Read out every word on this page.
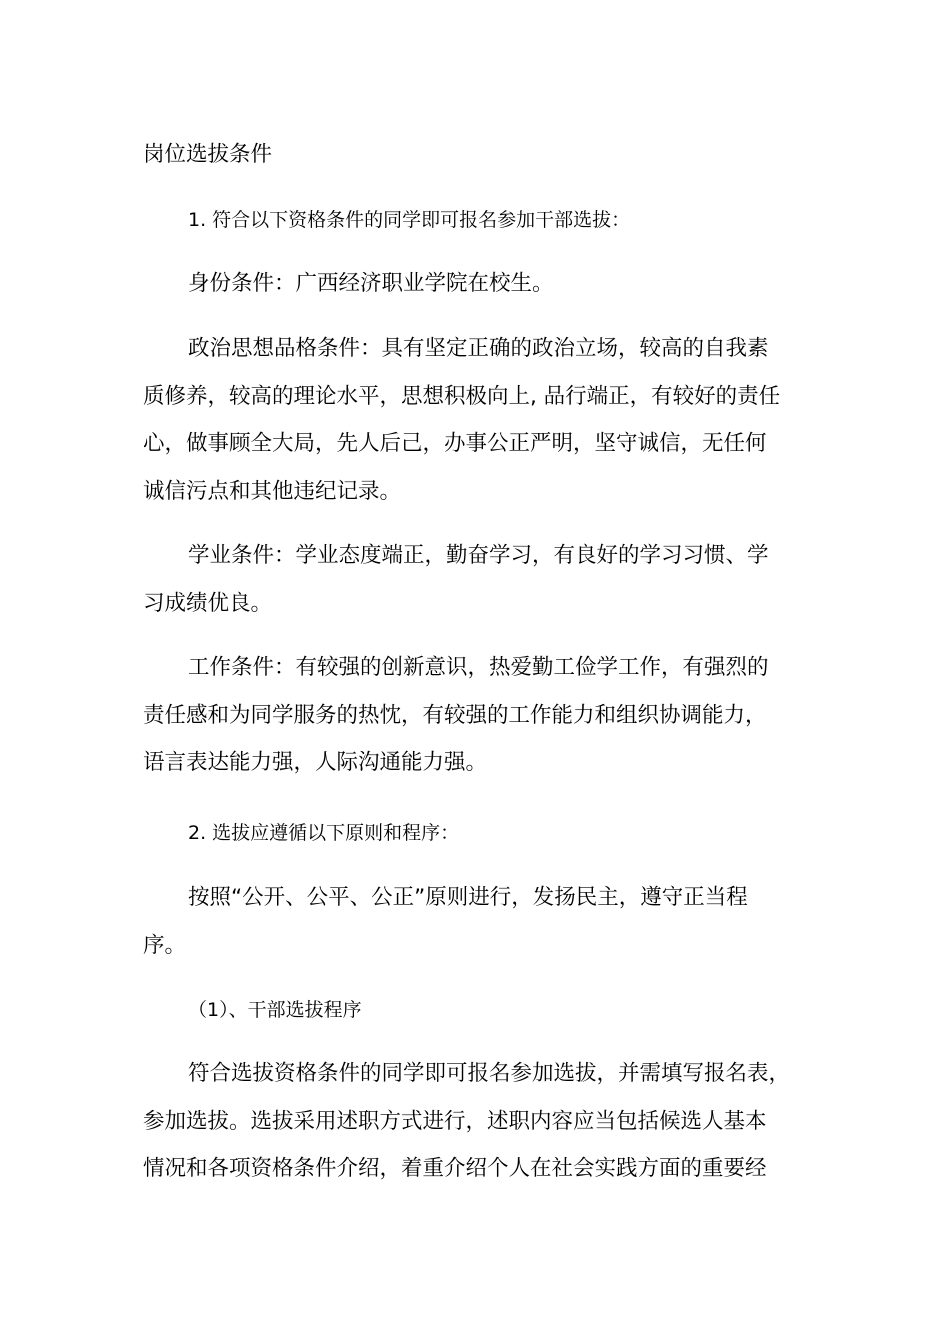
岗位选拔条件

1. 符合以下资格条件的同学即可报名参加干部选拔：

身份条件：广西经济职业学院在校生。

政治思想品格条件：具有坚定正确的政治立场，较高的自我素

质修养，较高的理论水平，思想积极向上, 品行端正，有较好的责任

心，做事顾全大局，先人后己，办事公正严明，坚守诚信，无任何

诚信污点和其他违纪记录。

学业条件：学业态度端正，勤奋学习，有良好的学习习惯、学

习成绩优良。

工作条件：有较强的创新意识，热爱勤工俭学工作，有强烈的

责任感和为同学服务的热忱，有较强的工作能力和组织协调能力，

语言表达能力强，人际沟通能力强。

2. 选拔应遵循以下原则和程序：

按照“公开、公平、公正”原则进行，发扬民主，遵守正当程

序。

（1）、干部选拔程序

符合选拔资格条件的同学即可报名参加选拔，并需填写报名表，

参加选拔。选拔采用述职方式进行，述职内容应当包括候选人基本

情况和各项资格条件介绍，着重介绍个人在社会实践方面的重要经
